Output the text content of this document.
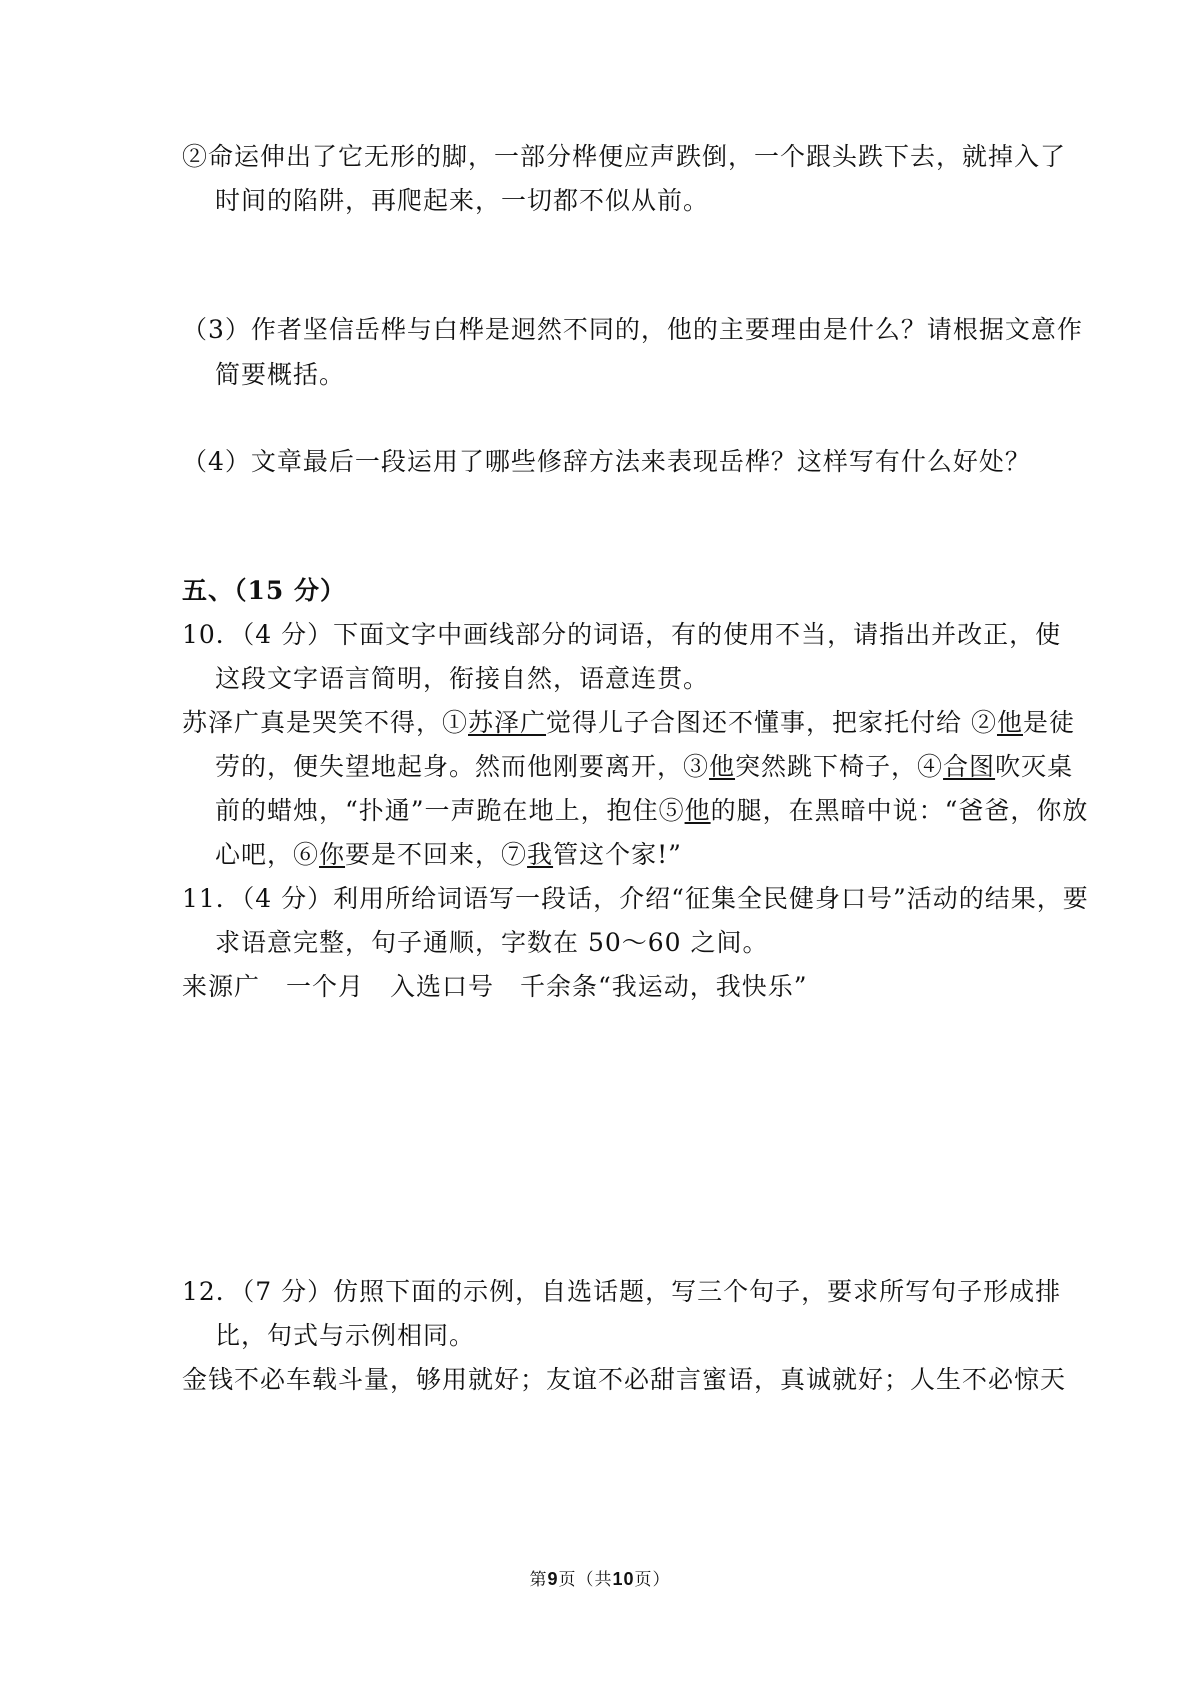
②命运伸出了它无形的脚，一部分桦便应声跌倒，一个跟头跌下去，就掉入了
时间的陷阱，再爬起来，一切都不似从前。
（3）作者坚信岳桦与白桦是迥然不同的，他的主要理由是什么？请根据文意作
简要概括。
（4）文章最后一段运用了哪些修辞方法来表现岳桦？这样写有什么好处？
五、（15 分）
10．（4 分）下面文字中画线部分的词语，有的使用不当，请指出并改正，使
这段文字语言简明，衔接自然，语意连贯。
苏泽广真是哭笑不得，①苏泽广觉得儿子合图还不懂事，把家托付给 ②他是徒
劳的，便失望地起身。然而他刚要离开，③他突然跳下椅子，④合图吹灭桌
前的蜡烛，“扑通”一声跪在地上，抱住⑤他的腿，在黑暗中说：“爸爸，你放
心吧，⑥你要是不回来，⑦我管这个家!”
11．（4 分）利用所给词语写一段话，介绍“征集全民健身口号”活动的结果，要
求语意完整，句子通顺，字数在 50～60 之间。
来源广　一个月　入选口号　千余条“我运动，我快乐”
12．（7 分）仿照下面的示例，自选话题，写三个句子，要求所写句子形成排
比，句式与示例相同。
金钱不必车载斗量，够用就好；友谊不必甜言蜜语，真诚就好；人生不必惊天
第9页（共10页）
